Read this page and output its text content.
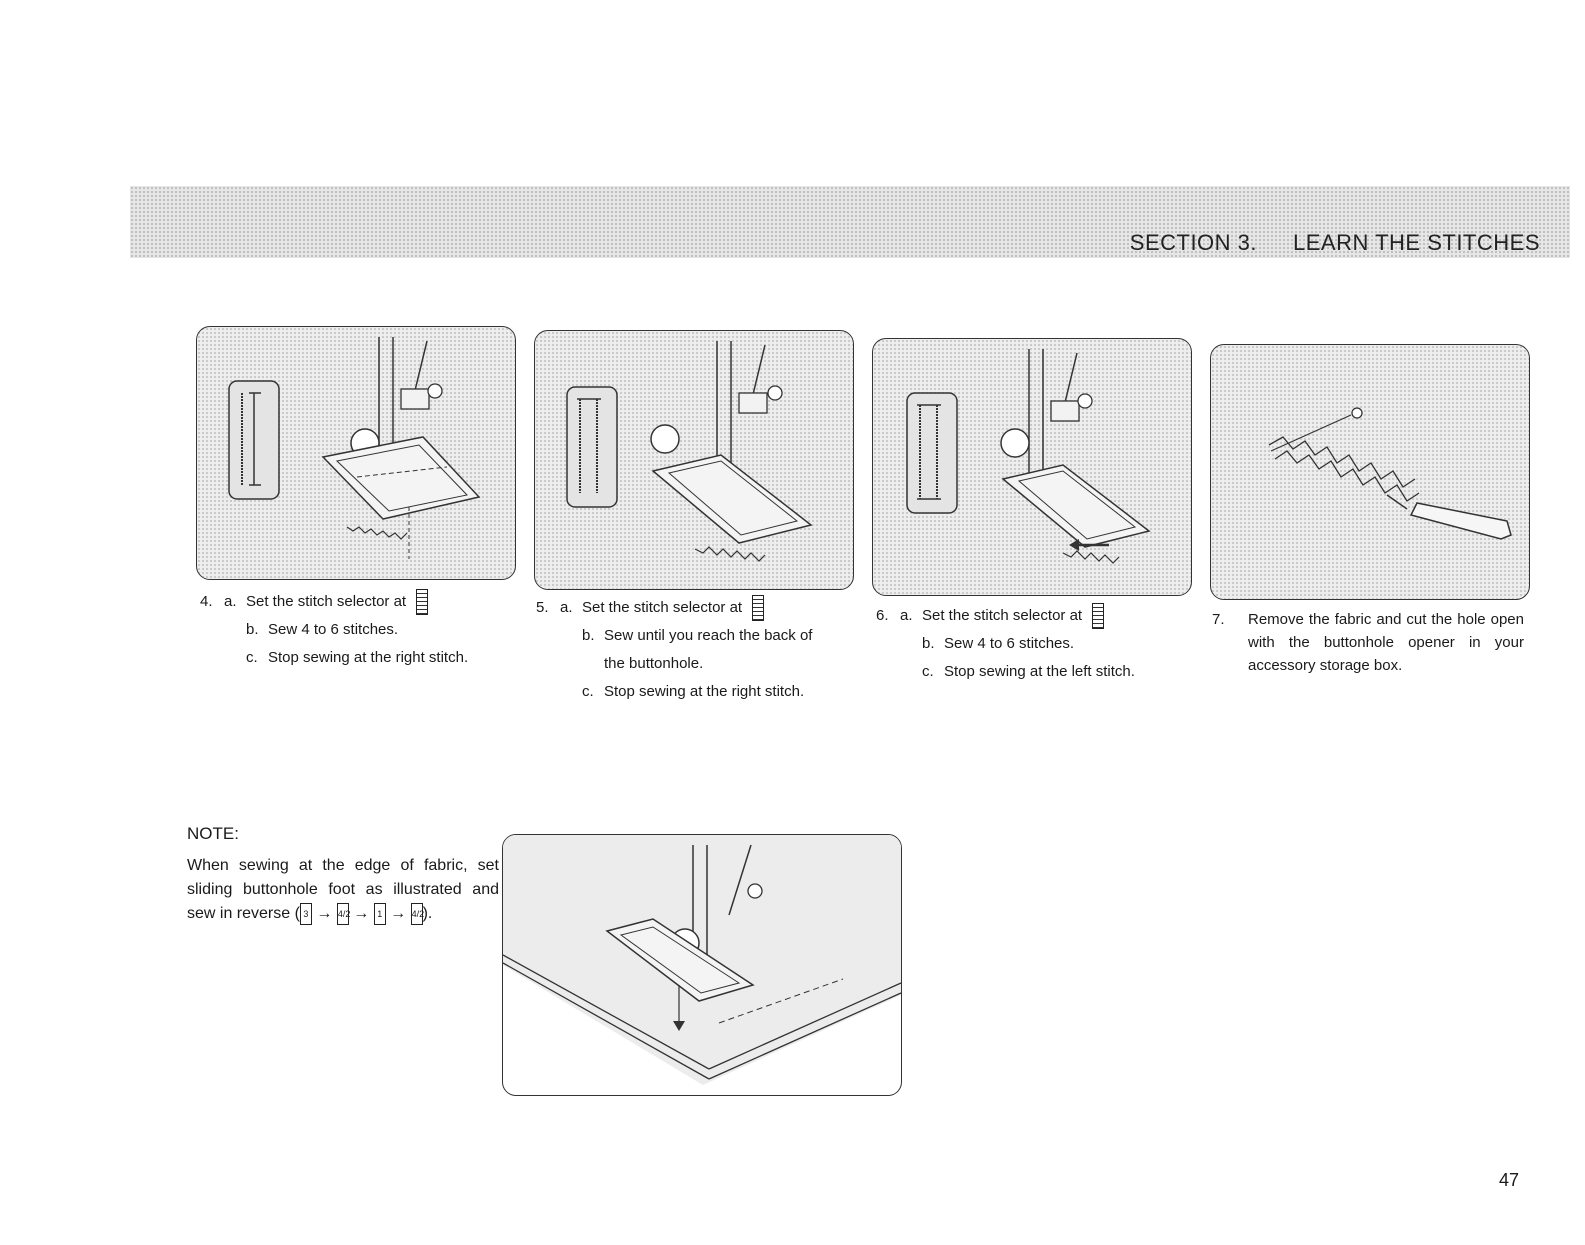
SECTION 3. LEARN THE STITCHES
4. a. Set the stitch selector at
b. Sew 4 to 6 stitches.
c. Stop sewing at the right stitch.
5. a. Set the stitch selector at
b. Sew until you reach the back of
the buttonhole.
c. Stop sewing at the right stitch.
6. a. Set the stitch selector at
b. Sew 4 to 6 stitches.
c. Stop sewing at the left stitch.
7.	Remove the fabric and cut the hole open with the buttonhole opener in your accessory storage box.
NOTE:
When sewing at the edge of fabric, set sliding buttonhole foot as illustrated and sew in reverse ( 3 → 4/2 → 1 → 4/2).
47
